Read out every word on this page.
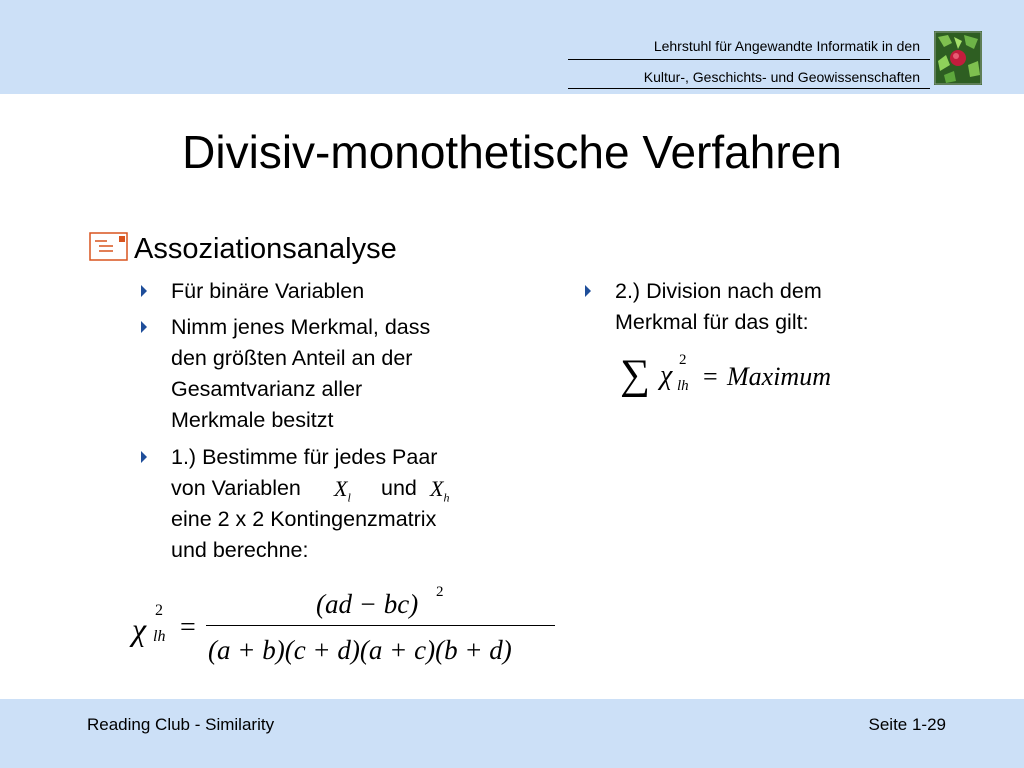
Lehrstuhl für Angewandte Informatik in den
Kultur-, Geschichts- und Geowissenschaften
Divisiv-monothetische Verfahren
Assoziationsanalyse
Für binäre Variablen
Nimm jenes Merkmal, dass
den größten Anteil an der
Gesamtvarianz aller
Merkmale besitzt
1.) Bestimme für jedes Paar
von Variablen $X_l$ und $X_h$
eine 2 x 2 Kontingenzmatrix
und berechne:
2.) Division nach dem
Merkmal für das gilt:
∑ χ 2
lh = Maximum
χ
2
lh =
(ad − bc) 2
(a + b)(c + d)(a + c)(b + d)
Reading Club - Similarity	Seite 1-29
